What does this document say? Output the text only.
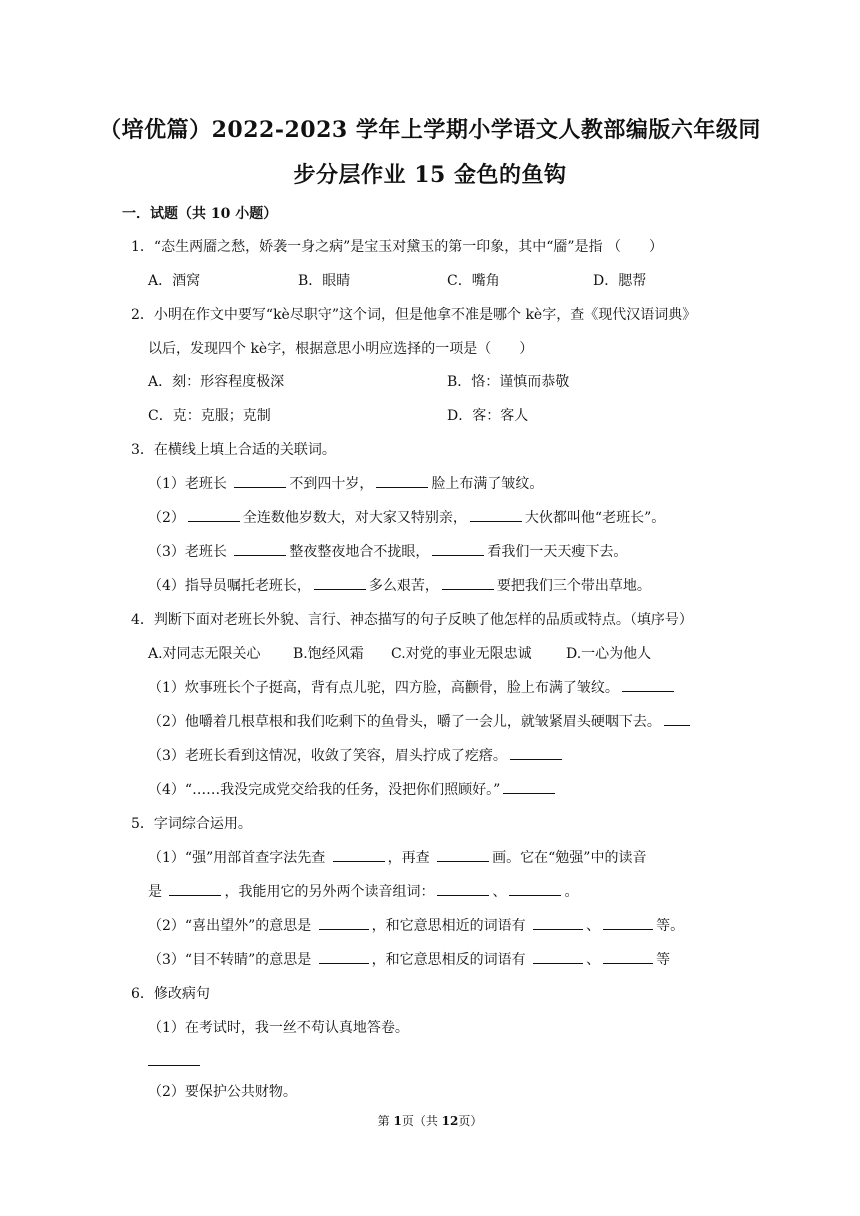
（培优篇）2022-2023 学年上学期小学语文人教部编版六年级同
步分层作业 15 金色的鱼钩
一．试题（共 10 小题）
1．“态生两靥之愁，娇袭一身之病”是宝玉对黛玉的第一印象，其中“靥”是指 （　　）
A．酒窝	B．眼睛	C．嘴角	D．腮帮
2．小明在作文中要写“kè尽职守”这个词，但是他拿不准是哪个 kè字，查《现代汉语词典》
以后，发现四个 kè字，根据意思小明应选择的一项是（　　）
A．刻：形容程度极深	B．恪：谨慎而恭敬
C．克：克服；克制	D．客：客人
3．在横线上填上合适的关联词。
（1）老班长	不到四十岁，	脸上布满了皱纹。
（2）	全连数他岁数大，对大家又特别亲，	大伙都叫他“老班长”。
（3）老班长	整夜整夜地合不拢眼，	看我们一天天瘦下去。
（4）指导员嘱托老班长，	多么艰苦，	要把我们三个带出草地。
4．判断下面对老班长外貌、言行、神态描写的句子反映了他怎样的品质或特点。（填序号）
A.对同志无限关心 B.饱经风霜 C.对党的事业无限忠诚 D.一心为他人
（1）炊事班长个子挺高，背有点儿驼，四方脸，高颧骨，脸上布满了皱纹。
（2）他嚼着几根草根和我们吃剩下的鱼骨头，嚼了一会儿，就皱紧眉头硬咽下去。
（3）老班长看到这情况，收敛了笑容，眉头拧成了疙瘩。
（4）“……我没完成党交给我的任务，没把你们照顾好。”
5．字词综合运用。
（1）“强”用部首查字法先查	，再查	画。它在“勉强”中的读音
是	，我能用它的另外两个读音组词：	、	。
（2）“喜出望外”的意思是	，和它意思相近的词语有	、	等。
（3）“目不转睛”的意思是	，和它意思相反的词语有	、	等
6．修改病句
（1）在考试时，我一丝不苟认真地答卷。
（2）要保护公共财物。
第 1页（共 12页）
